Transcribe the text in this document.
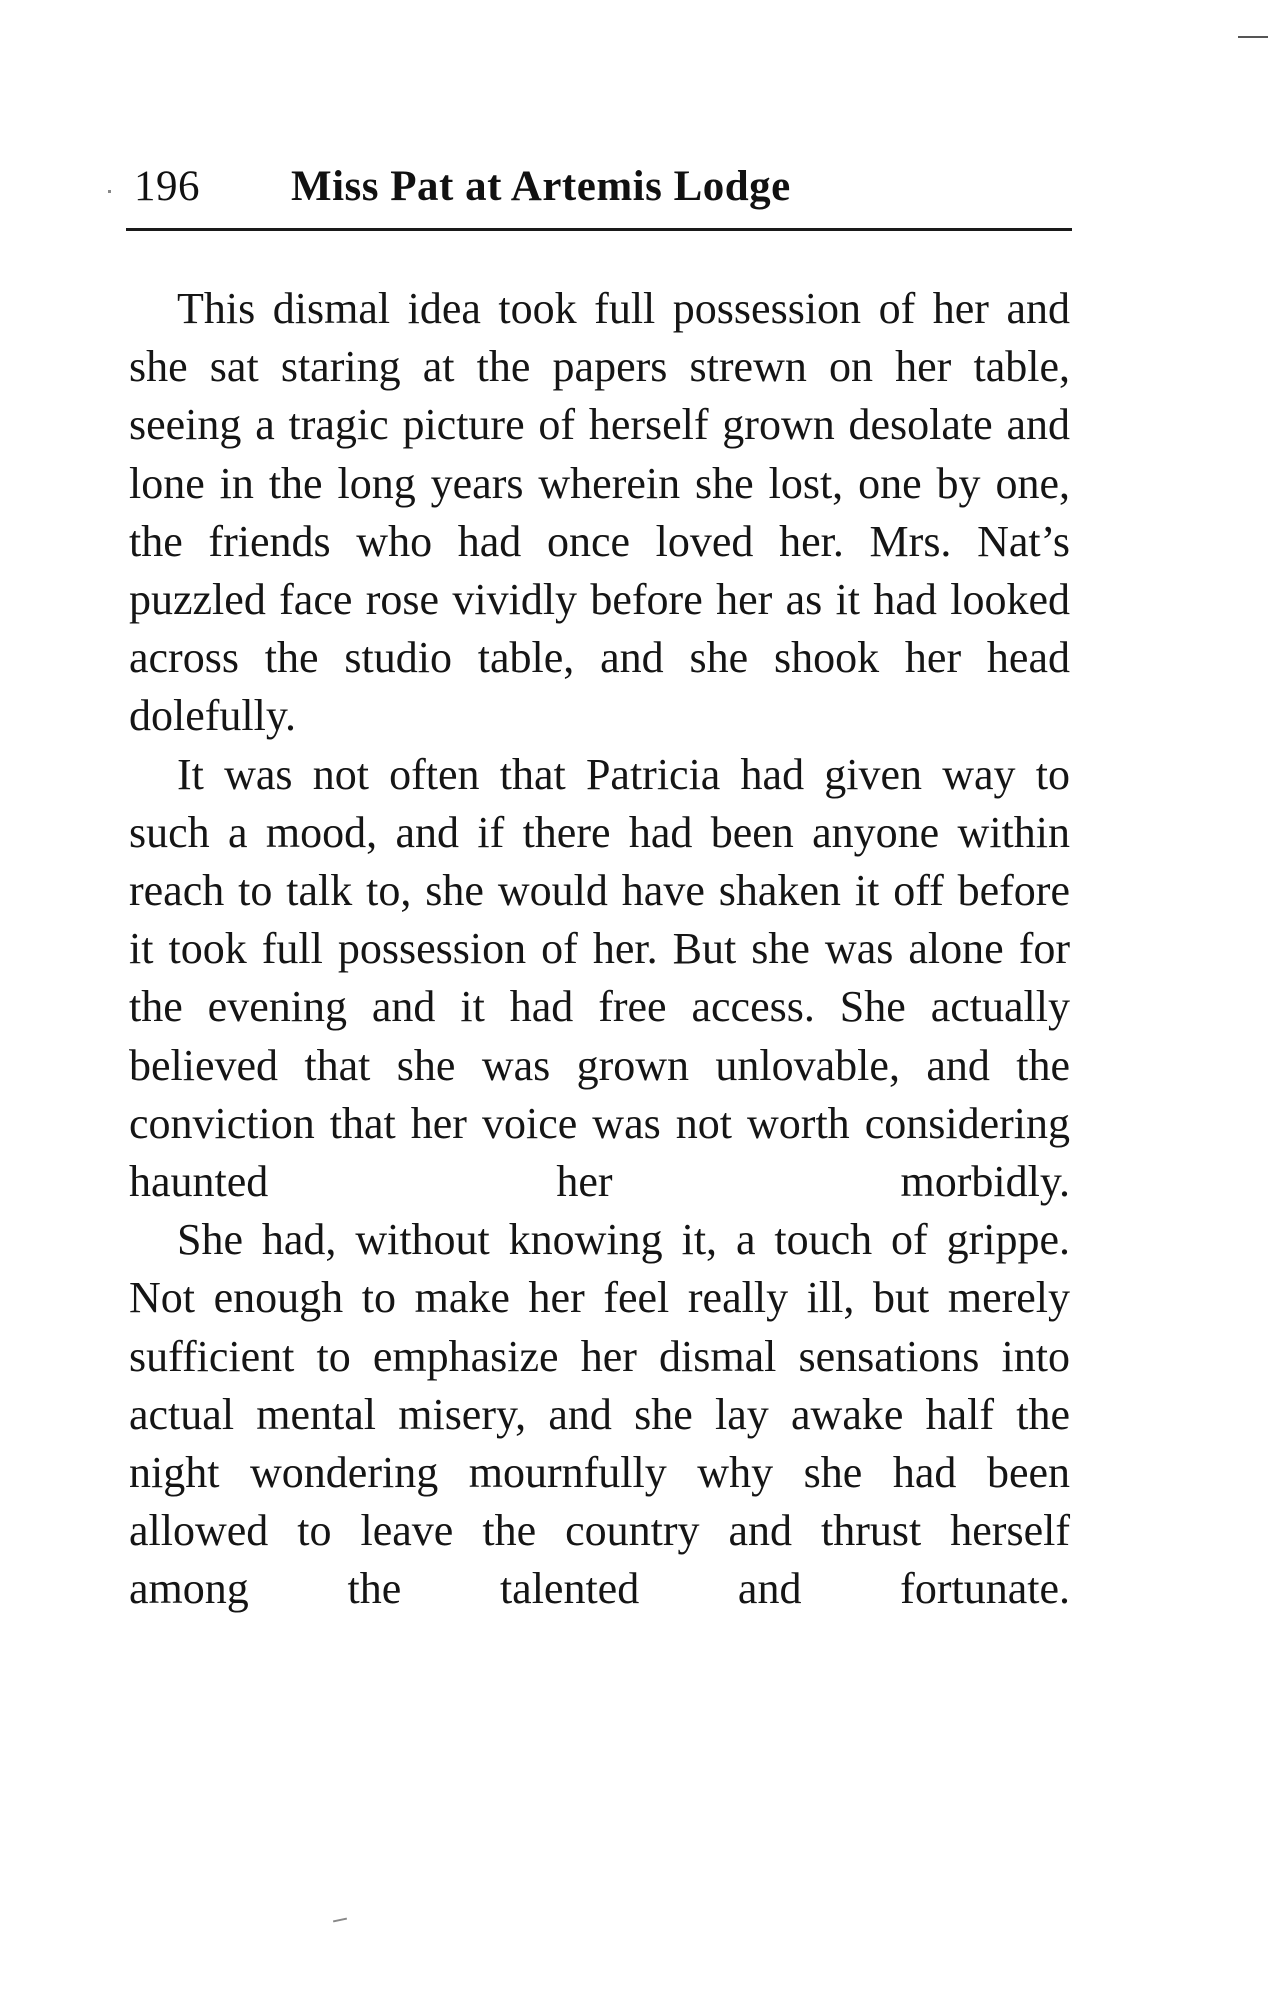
196 Miss Pat at Artemis Lodge

This dismal idea took full possession of her and she sat staring at the papers strewn on her table, seeing a tragic picture of herself grown desolate and lone in the long years wherein she lost, one by one, the friends who had once loved her. Mrs. Nat’s puzzled face rose vividly before her as it had looked across the studio table, and she shook her head dolefully.

It was not often that Patricia had given way to such a mood, and if there had been anyone within reach to talk to, she would have shaken it off before it took full possession of her. But she was alone for the evening and it had free access. She actually believed that she was grown unlovable, and the conviction that her voice was not worth considering haunted her morbidly.

She had, without knowing it, a touch of grippe. Not enough to make her feel really ill, but merely sufficient to emphasize her dismal sensations into actual mental misery, and she lay awake half the night wondering mournfully why she had been allowed to leave the country and thrust herself among the talented and fortunate.
